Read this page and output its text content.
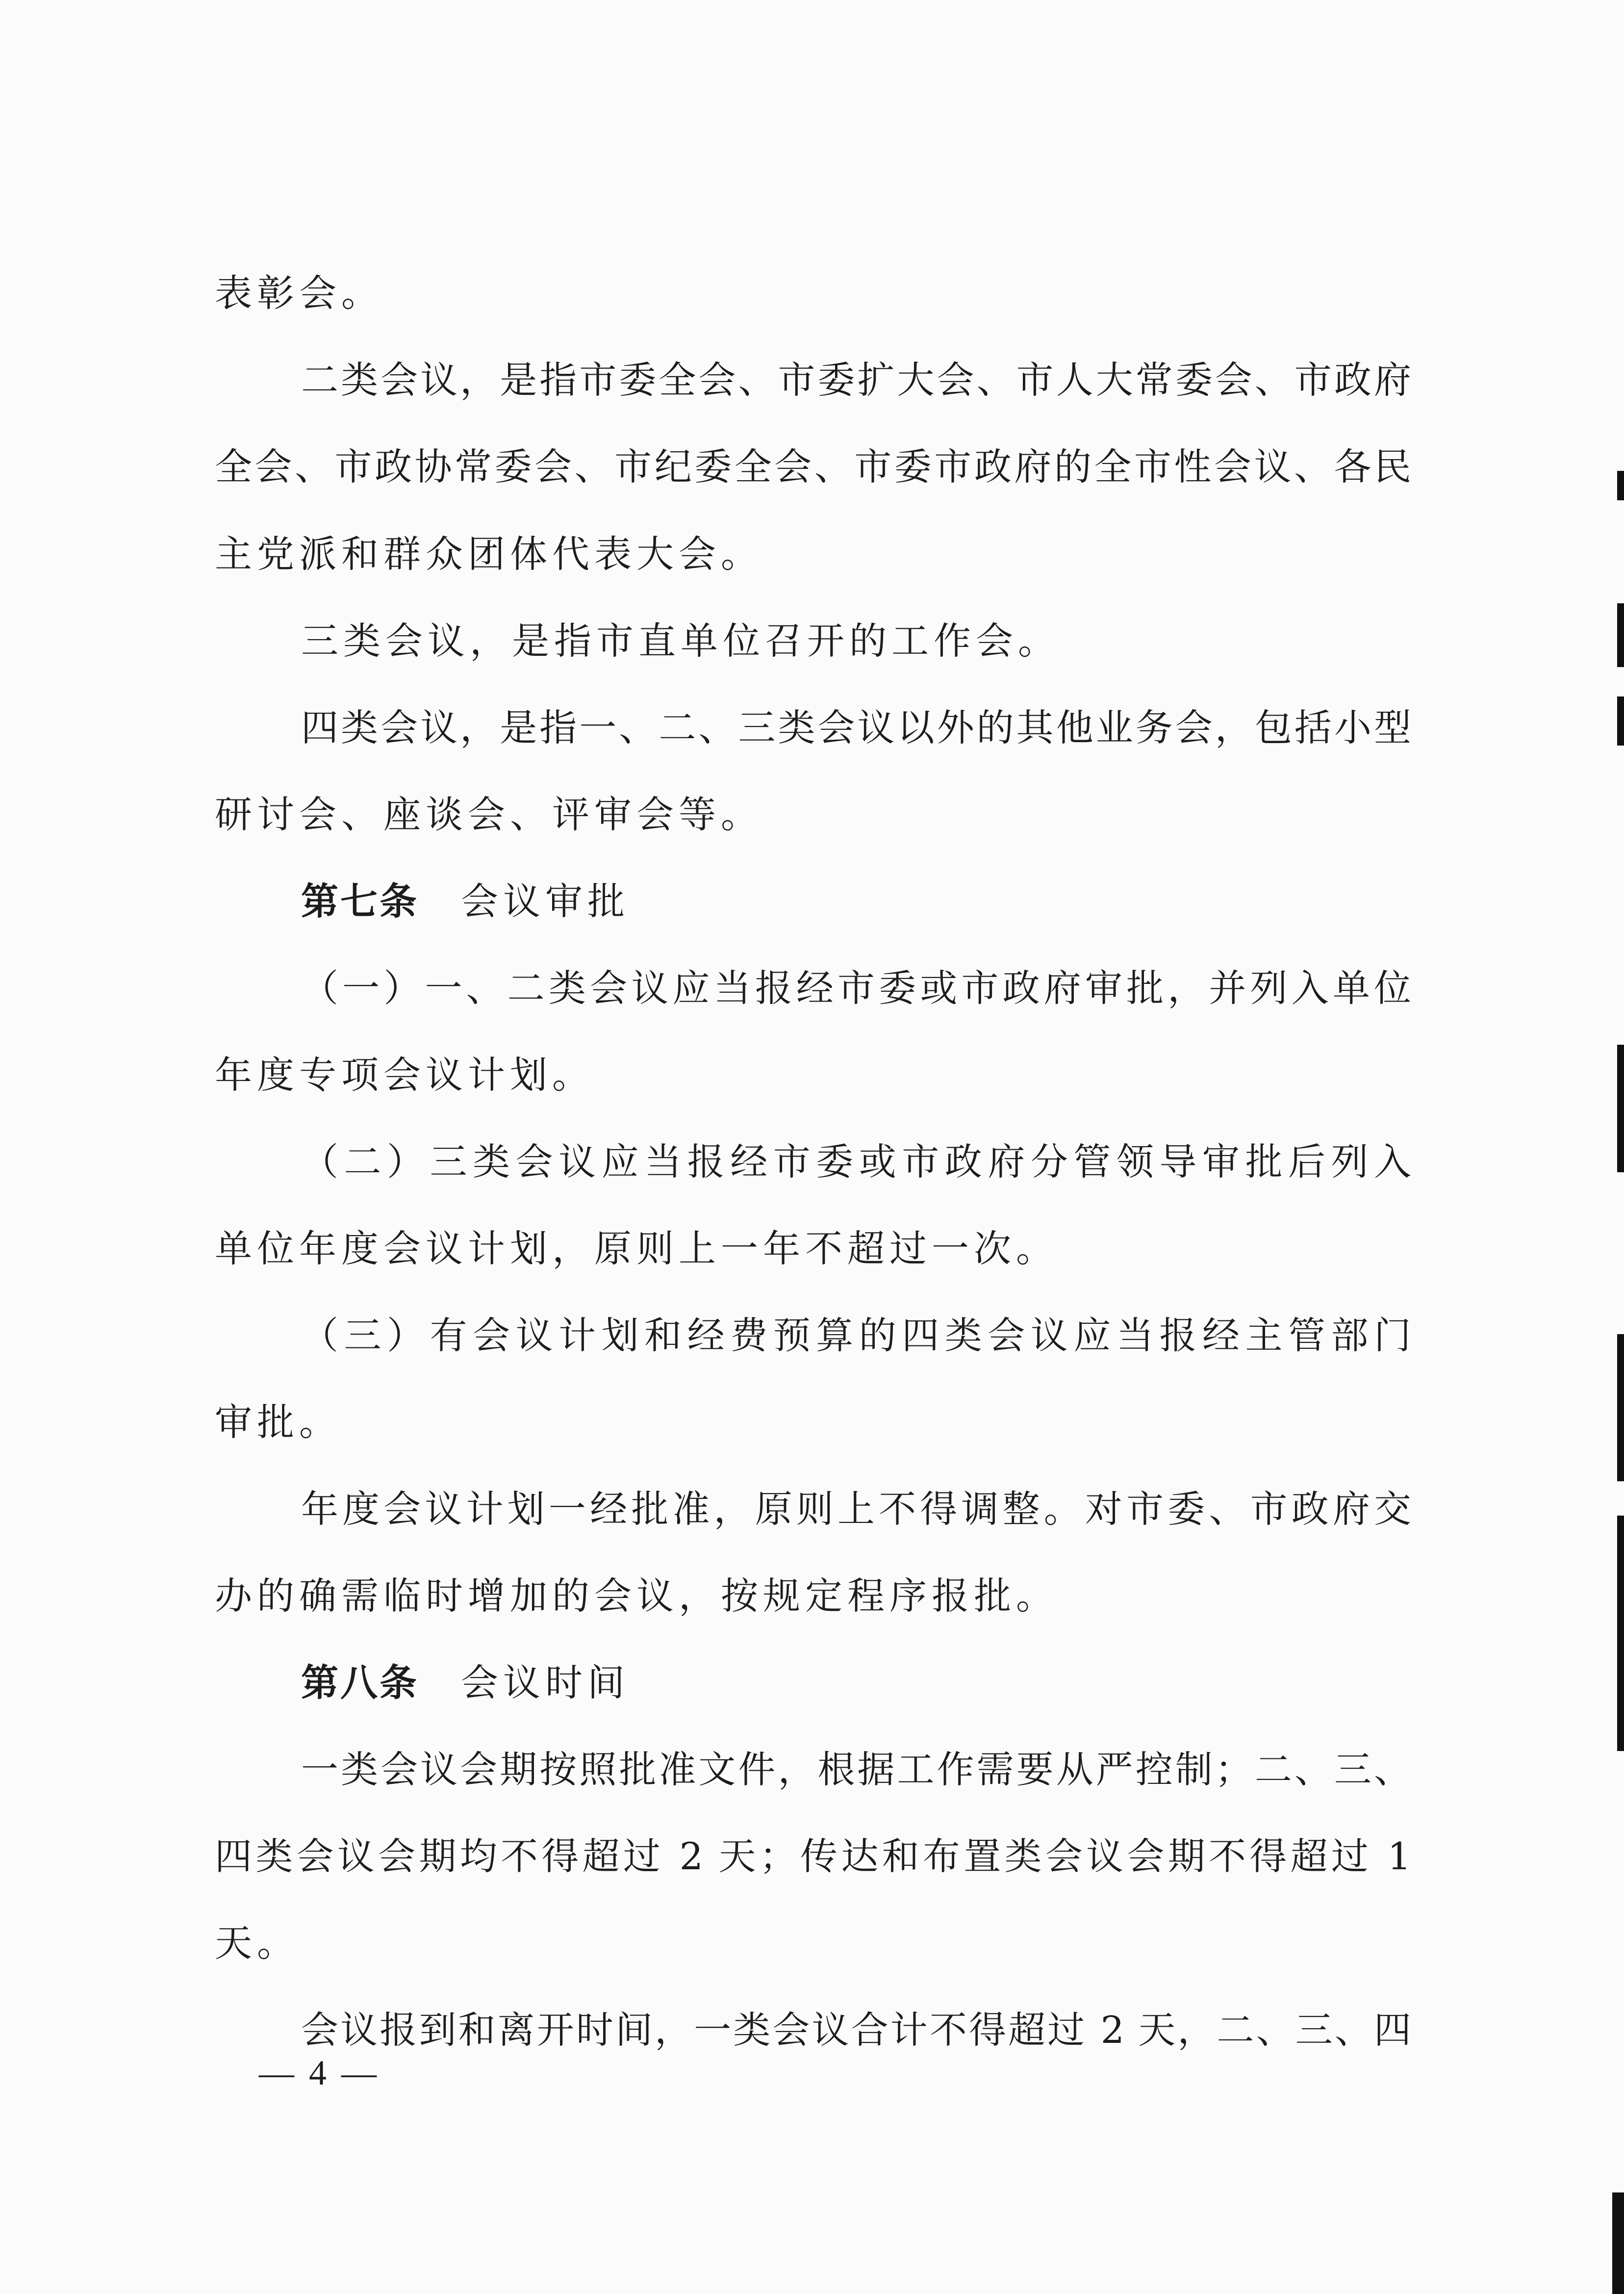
表彰会。
二类会议，是指市委全会、市委扩大会、市人大常委会、市政府
全会、市政协常委会、市纪委全会、市委市政府的全市性会议、各民
主党派和群众团体代表大会。
三类会议，是指市直单位召开的工作会。
四类会议，是指一、二、三类会议以外的其他业务会，包括小型
研讨会、座谈会、评审会等。
第七条 会议审批
（一）一、二类会议应当报经市委或市政府审批，并列入单位
年度专项会议计划。
（二）三类会议应当报经市委或市政府分管领导审批后列入
单位年度会议计划，原则上一年不超过一次。
（三）有会议计划和经费预算的四类会议应当报经主管部门
审批。
年度会议计划一经批准，原则上不得调整。对市委、市政府交
办的确需临时增加的会议，按规定程序报批。
第八条 会议时间
一类会议会期按照批准文件，根据工作需要从严控制；二、三、
四类会议会期均不得超过 2 天；传达和布置类会议会期不得超过 1
天。
会议报到和离开时间，一类会议合计不得超过 2 天，二、三、四
— 4 —
